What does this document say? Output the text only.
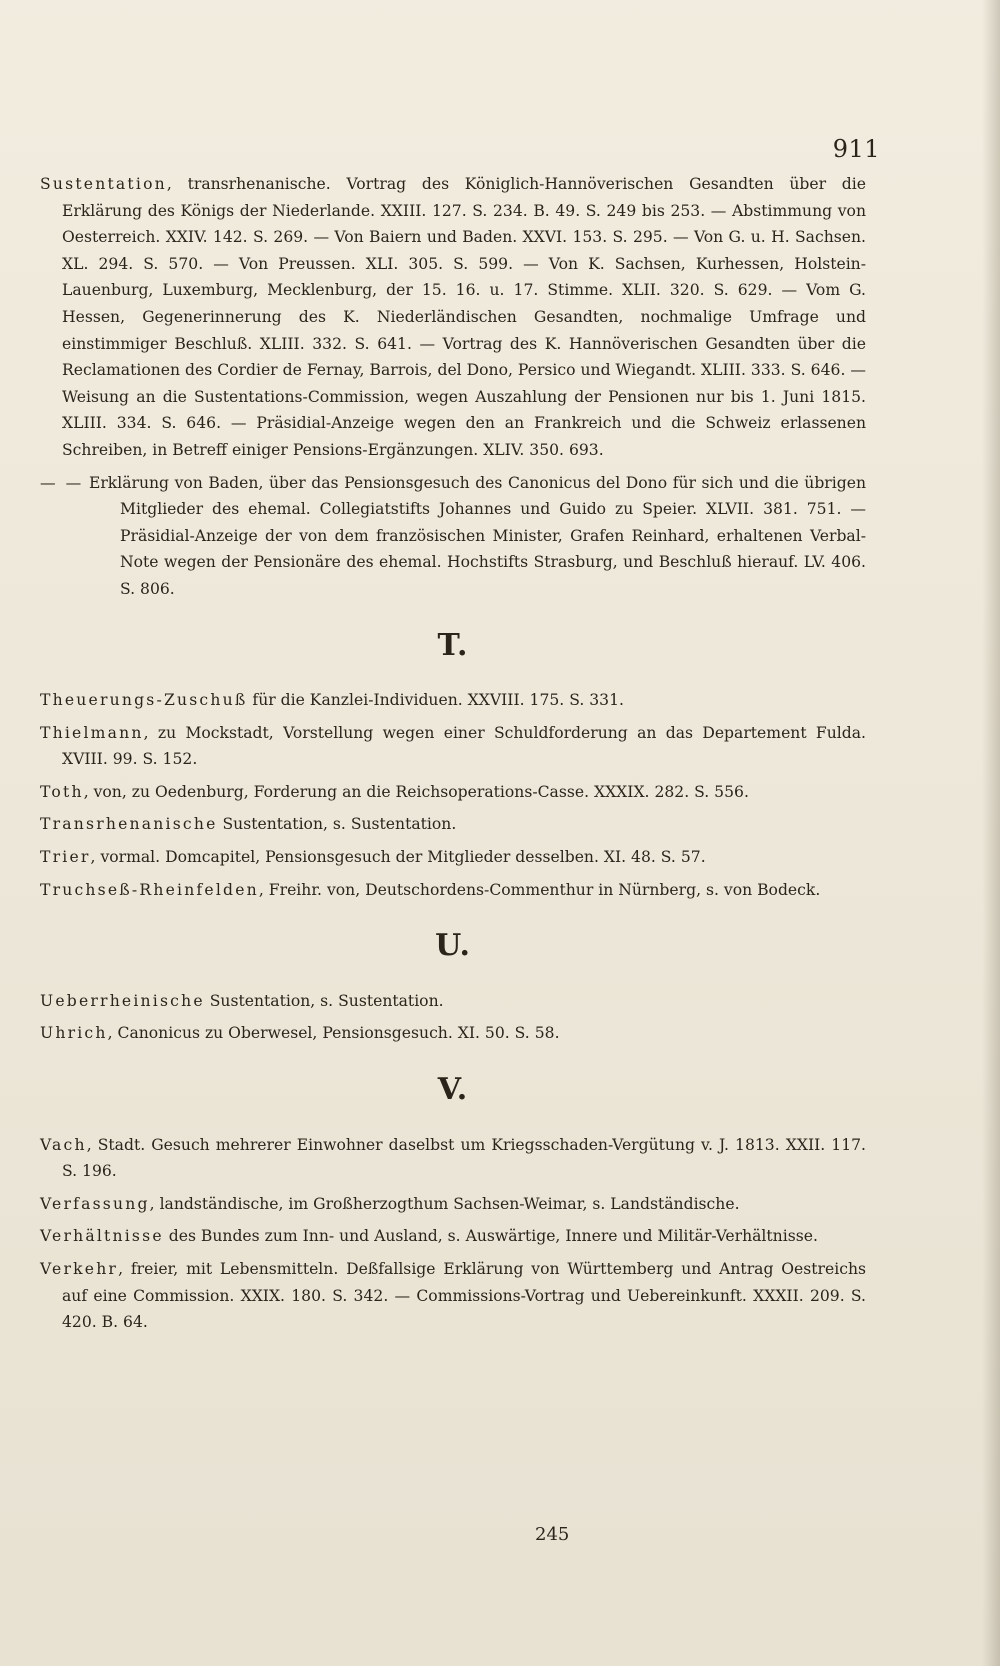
911
Sustentation, transrhenanische. Vortrag des Königlich-Hannöverischen Gesandten über die Erklärung des Königs der Niederlande. XXIII. 127. S. 234. B. 49. S. 249 bis 253. — Abstimmung von Oesterreich. XXIV. 142. S. 269. — Von Baiern und Baden. XXVI. 153. S. 295. — Von G. u. H. Sachsen. XL. 294. S. 570. — Von Preussen. XLI. 305. S. 599. — Von K. Sachsen, Kurhessen, Holstein-Lauenburg, Luxemburg, Mecklenburg, der 15. 16. u. 17. Stimme. XLII. 320. S. 629. — Vom G. Hessen, Gegenerinnerung des K. Niederländischen Gesandten, nochmalige Umfrage und einstimmiger Beschluß. XLIII. 332. S. 641. — Vortrag des K. Hannöverischen Gesandten über die Reclamationen des Cordier de Fernay, Barrois, del Dono, Persico und Wiegandt. XLIII. 333. S. 646. — Weisung an die Sustentations-Commission, wegen Auszahlung der Pensionen nur bis 1. Juni 1815. XLIII. 334. S. 646. — Präsidial-Anzeige wegen den an Frankreich und die Schweiz erlassenen Schreiben, in Betreff einiger Pensions-Ergänzungen. XLIV. 350. 693.
— — Erklärung von Baden, über das Pensionsgesuch des Canonicus del Dono für sich und die übrigen Mitglieder des ehemal. Collegiatstifts Johannes und Guido zu Speier. XLVII. 381. 751. — Präsidial-Anzeige der von dem französischen Minister, Grafen Reinhard, erhaltenen Verbal-Note wegen der Pensionäre des ehemal. Hochstifts Strasburg, und Beschluß hierauf. LV. 406. S. 806.
T.
Theuerungs-Zuschuß für die Kanzlei-Individuen. XXVIII. 175. S. 331.
Thielmann, zu Mockstadt, Vorstellung wegen einer Schuldforderung an das Departement Fulda. XVIII. 99. S. 152.
Toth, von, zu Oedenburg, Forderung an die Reichsoperations-Casse. XXXIX. 282. S. 556.
Transrhenanische Sustentation, s. Sustentation.
Trier, vormal. Domcapitel, Pensionsgesuch der Mitglieder desselben. XI. 48. S. 57.
Truchseß-Rheinfelden, Freihr. von, Deutschordens-Commenthur in Nürnberg, s. von Bodeck.
U.
Ueberrheinische Sustentation, s. Sustentation.
Uhrich, Canonicus zu Oberwesel, Pensionsgesuch. XI. 50. S. 58.
V.
Vach, Stadt. Gesuch mehrerer Einwohner daselbst um Kriegsschaden-Vergütung v. J. 1813. XXII. 117. S. 196.
Verfassung, landständische, im Großherzogthum Sachsen-Weimar, s. Landständische.
Verhältnisse des Bundes zum Inn- und Ausland, s. Auswärtige, Innere und Militär-Verhältnisse.
Verkehr, freier, mit Lebensmitteln. Deßfallsige Erklärung von Württemberg und Antrag Oestreichs auf eine Commission. XXIX. 180. S. 342. — Commissions-Vortrag und Uebereinkunft. XXXII. 209. S. 420. B. 64.
245
